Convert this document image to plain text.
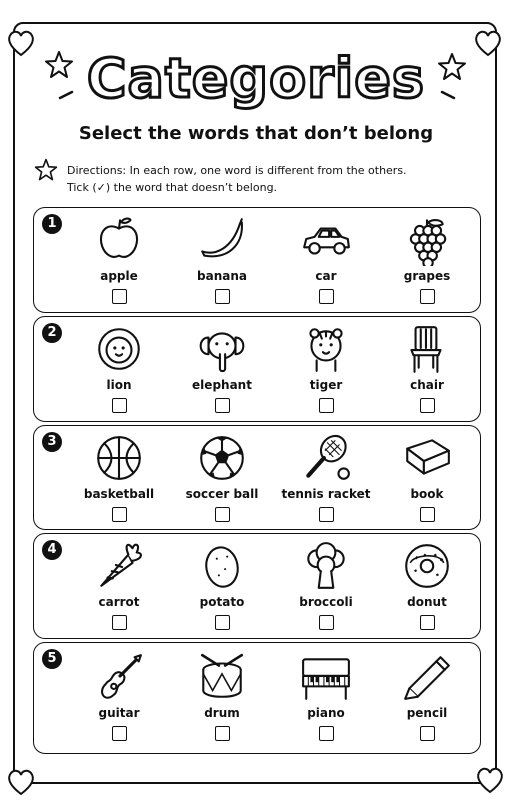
Categories
Select the words that don’t belong
Directions: In each row, one word is different from the others.
Tick (✓) the word that doesn’t belong.
1
apple	banana	car	grapes
2
lion	elephant	tiger	chair
3
basketball	soccer ball	tennis racket	book
4
carrot	potato	broccoli	donut
5
guitar	drum	piano	pencil
